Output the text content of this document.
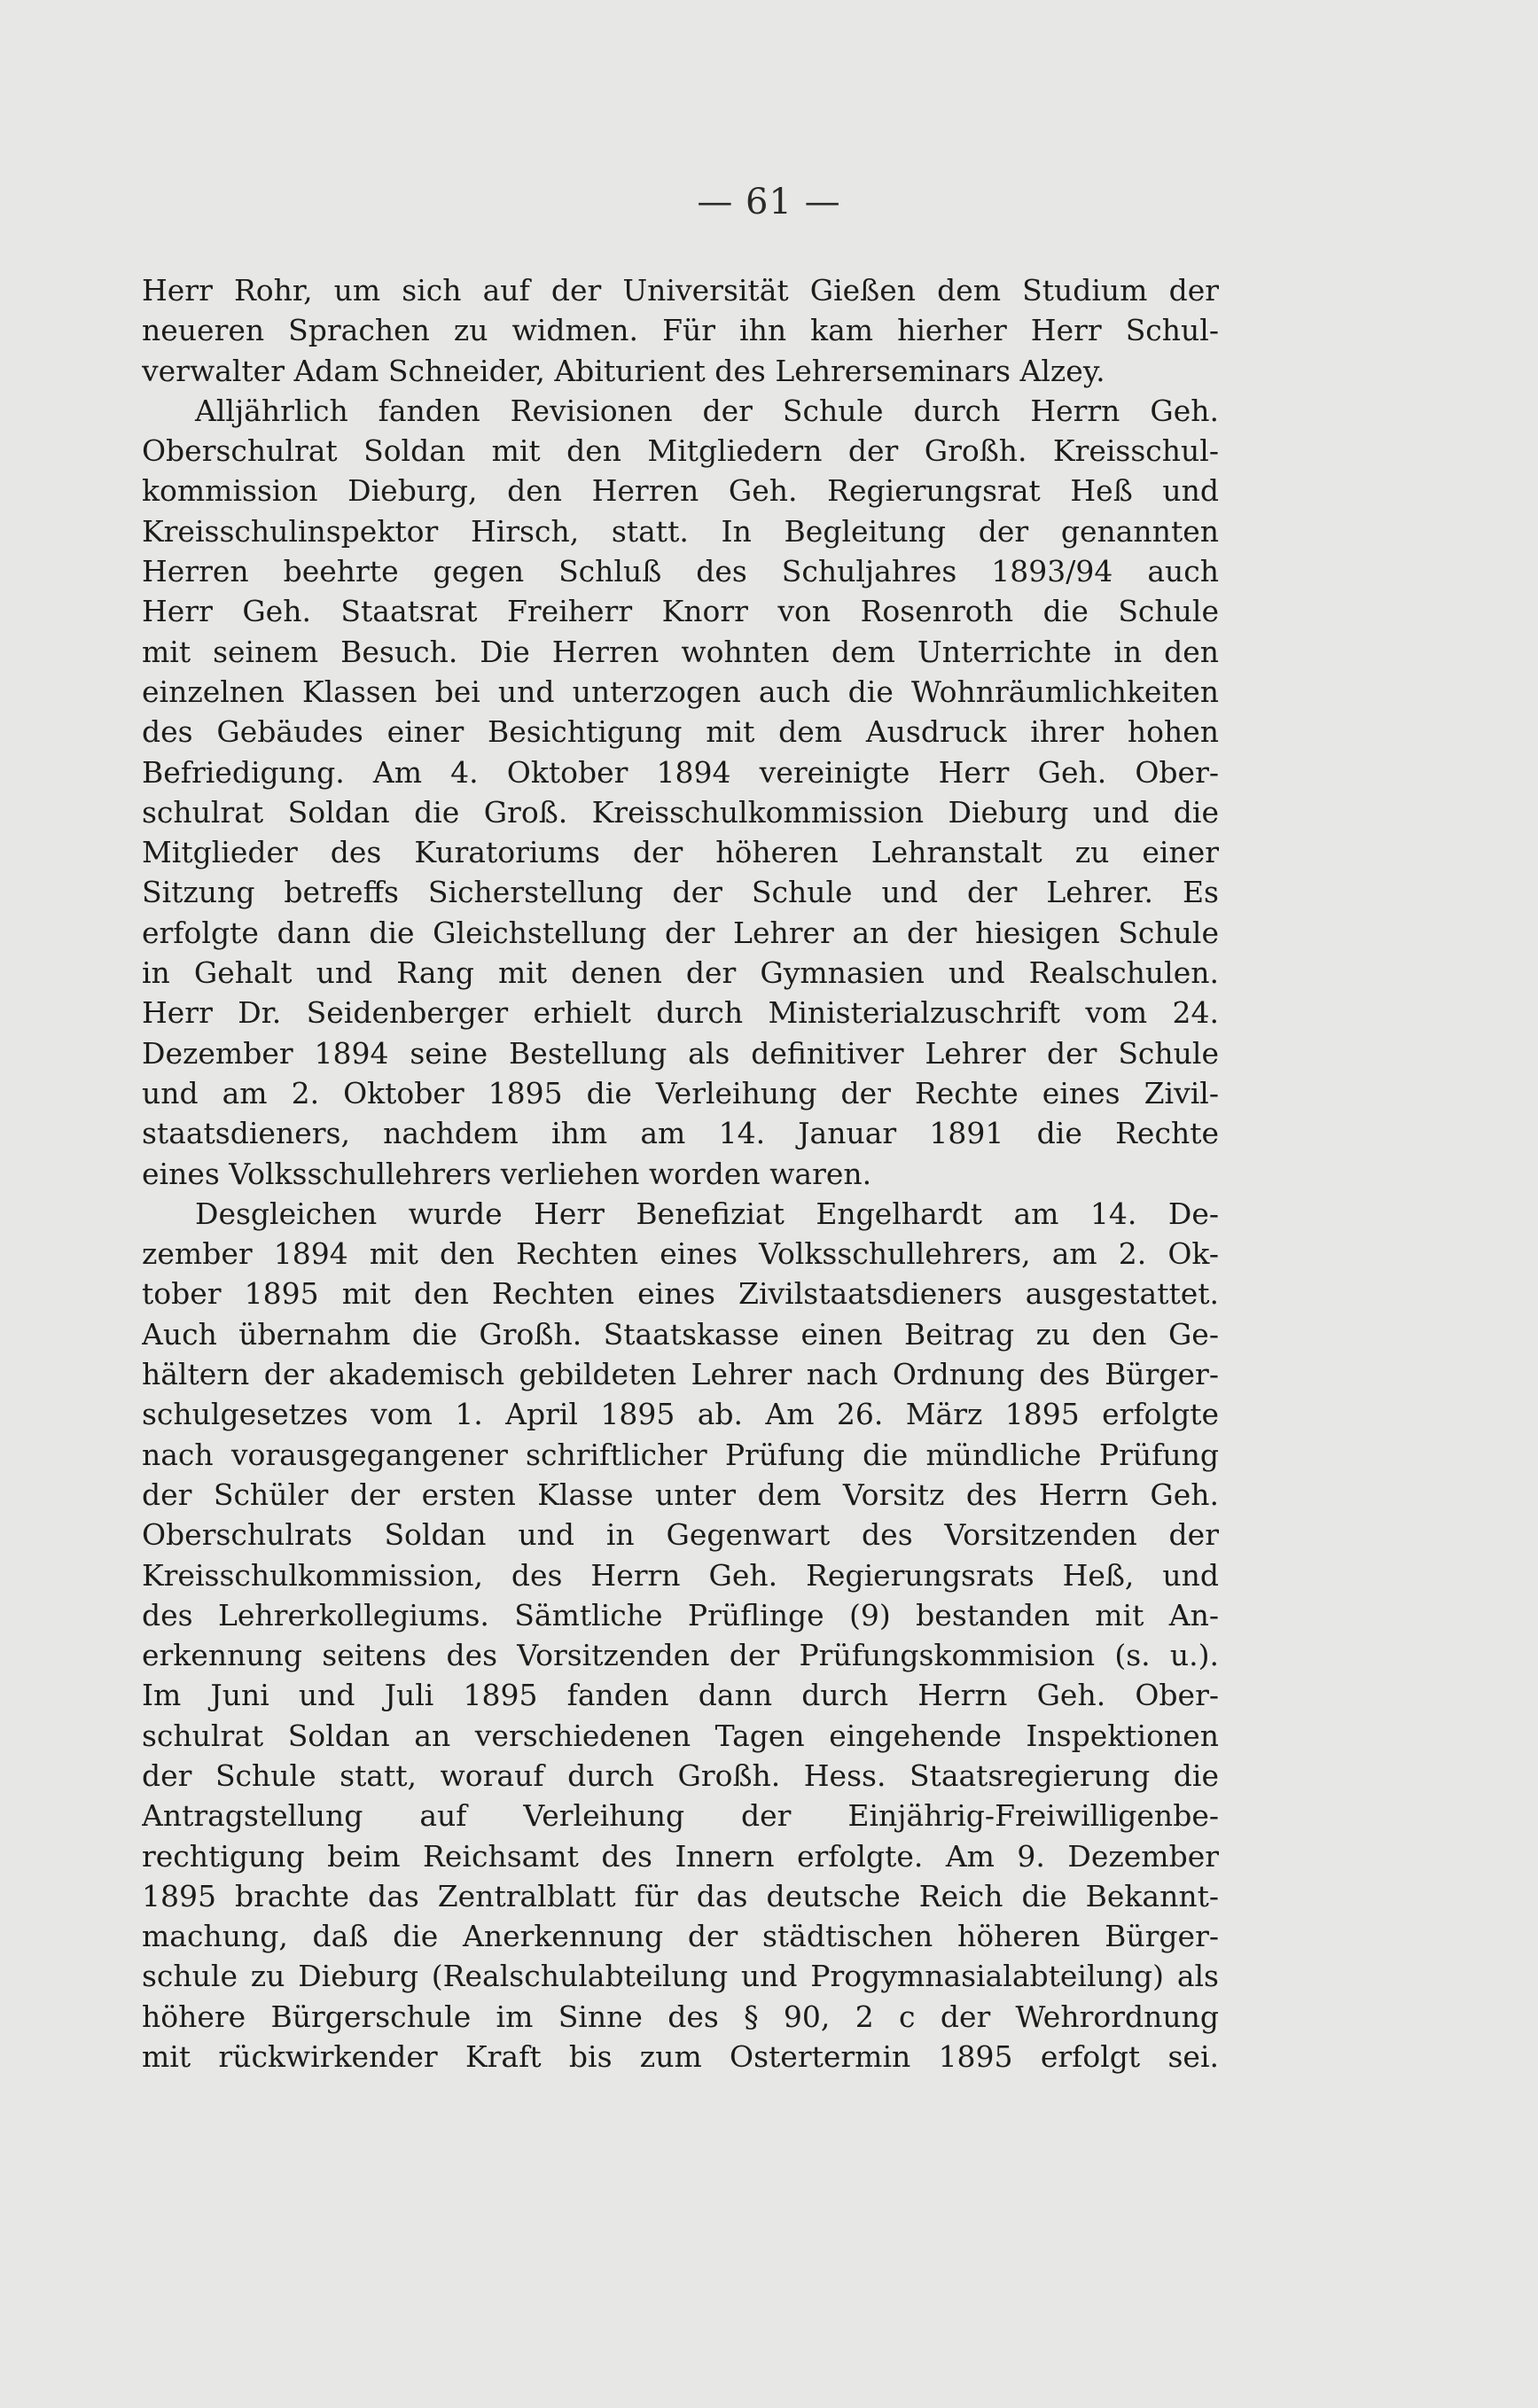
— 61 —
Herr Rohr, um sich auf der Universität Gießen dem Studium der
neueren Sprachen zu widmen. Für ihn kam hierher Herr Schul-
verwalter Adam Schneider, Abiturient des Lehrerseminars Alzey.
Alljährlich fanden Revisionen der Schule durch Herrn Geh.
Oberschulrat Soldan mit den Mitgliedern der Großh. Kreisschul-
kommission Dieburg, den Herren Geh. Regierungsrat Heß und
Kreisschulinspektor Hirsch, statt. In Begleitung der genannten
Herren beehrte gegen Schluß des Schuljahres 1893/94 auch
Herr Geh. Staatsrat Freiherr Knorr von Rosenroth die Schule
mit seinem Besuch. Die Herren wohnten dem Unterrichte in den
einzelnen Klassen bei und unterzogen auch die Wohnräumlichkeiten
des Gebäudes einer Besichtigung mit dem Ausdruck ihrer hohen
Befriedigung. Am 4. Oktober 1894 vereinigte Herr Geh. Ober-
schulrat Soldan die Groß. Kreisschulkommission Dieburg und die
Mitglieder des Kuratoriums der höheren Lehranstalt zu einer
Sitzung betreffs Sicherstellung der Schule und der Lehrer. Es
erfolgte dann die Gleichstellung der Lehrer an der hiesigen Schule
in Gehalt und Rang mit denen der Gymnasien und Realschulen.
Herr Dr. Seidenberger erhielt durch Ministerialzuschrift vom 24.
Dezember 1894 seine Bestellung als definitiver Lehrer der Schule
und am 2. Oktober 1895 die Verleihung der Rechte eines Zivil-
staatsdieners, nachdem ihm am 14. Januar 1891 die Rechte
eines Volksschullehrers verliehen worden waren.
Desgleichen wurde Herr Benefiziat Engelhardt am 14. De-
zember 1894 mit den Rechten eines Volksschullehrers, am 2. Ok-
tober 1895 mit den Rechten eines Zivilstaatsdieners ausgestattet.
Auch übernahm die Großh. Staatskasse einen Beitrag zu den Ge-
hältern der akademisch gebildeten Lehrer nach Ordnung des Bürger-
schulgesetzes vom 1. April 1895 ab. Am 26. März 1895 erfolgte
nach vorausgegangener schriftlicher Prüfung die mündliche Prüfung
der Schüler der ersten Klasse unter dem Vorsitz des Herrn Geh.
Oberschulrats Soldan und in Gegenwart des Vorsitzenden der
Kreisschulkommission, des Herrn Geh. Regierungsrats Heß, und
des Lehrerkollegiums. Sämtliche Prüflinge (9) bestanden mit An-
erkennung seitens des Vorsitzenden der Prüfungskommision (s. u.).
Im Juni und Juli 1895 fanden dann durch Herrn Geh. Ober-
schulrat Soldan an verschiedenen Tagen eingehende Inspektionen
der Schule statt, worauf durch Großh. Hess. Staatsregierung die
Antragstellung auf Verleihung der Einjährig-Freiwilligenbe-
rechtigung beim Reichsamt des Innern erfolgte. Am 9. Dezember
1895 brachte das Zentralblatt für das deutsche Reich die Bekannt-
machung, daß die Anerkennung der städtischen höheren Bürger-
schule zu Dieburg (Realschulabteilung und Progymnasialabteilung) als
höhere Bürgerschule im Sinne des § 90, 2 c der Wehrordnung
mit rückwirkender Kraft bis zum Ostertermin 1895 erfolgt sei.
